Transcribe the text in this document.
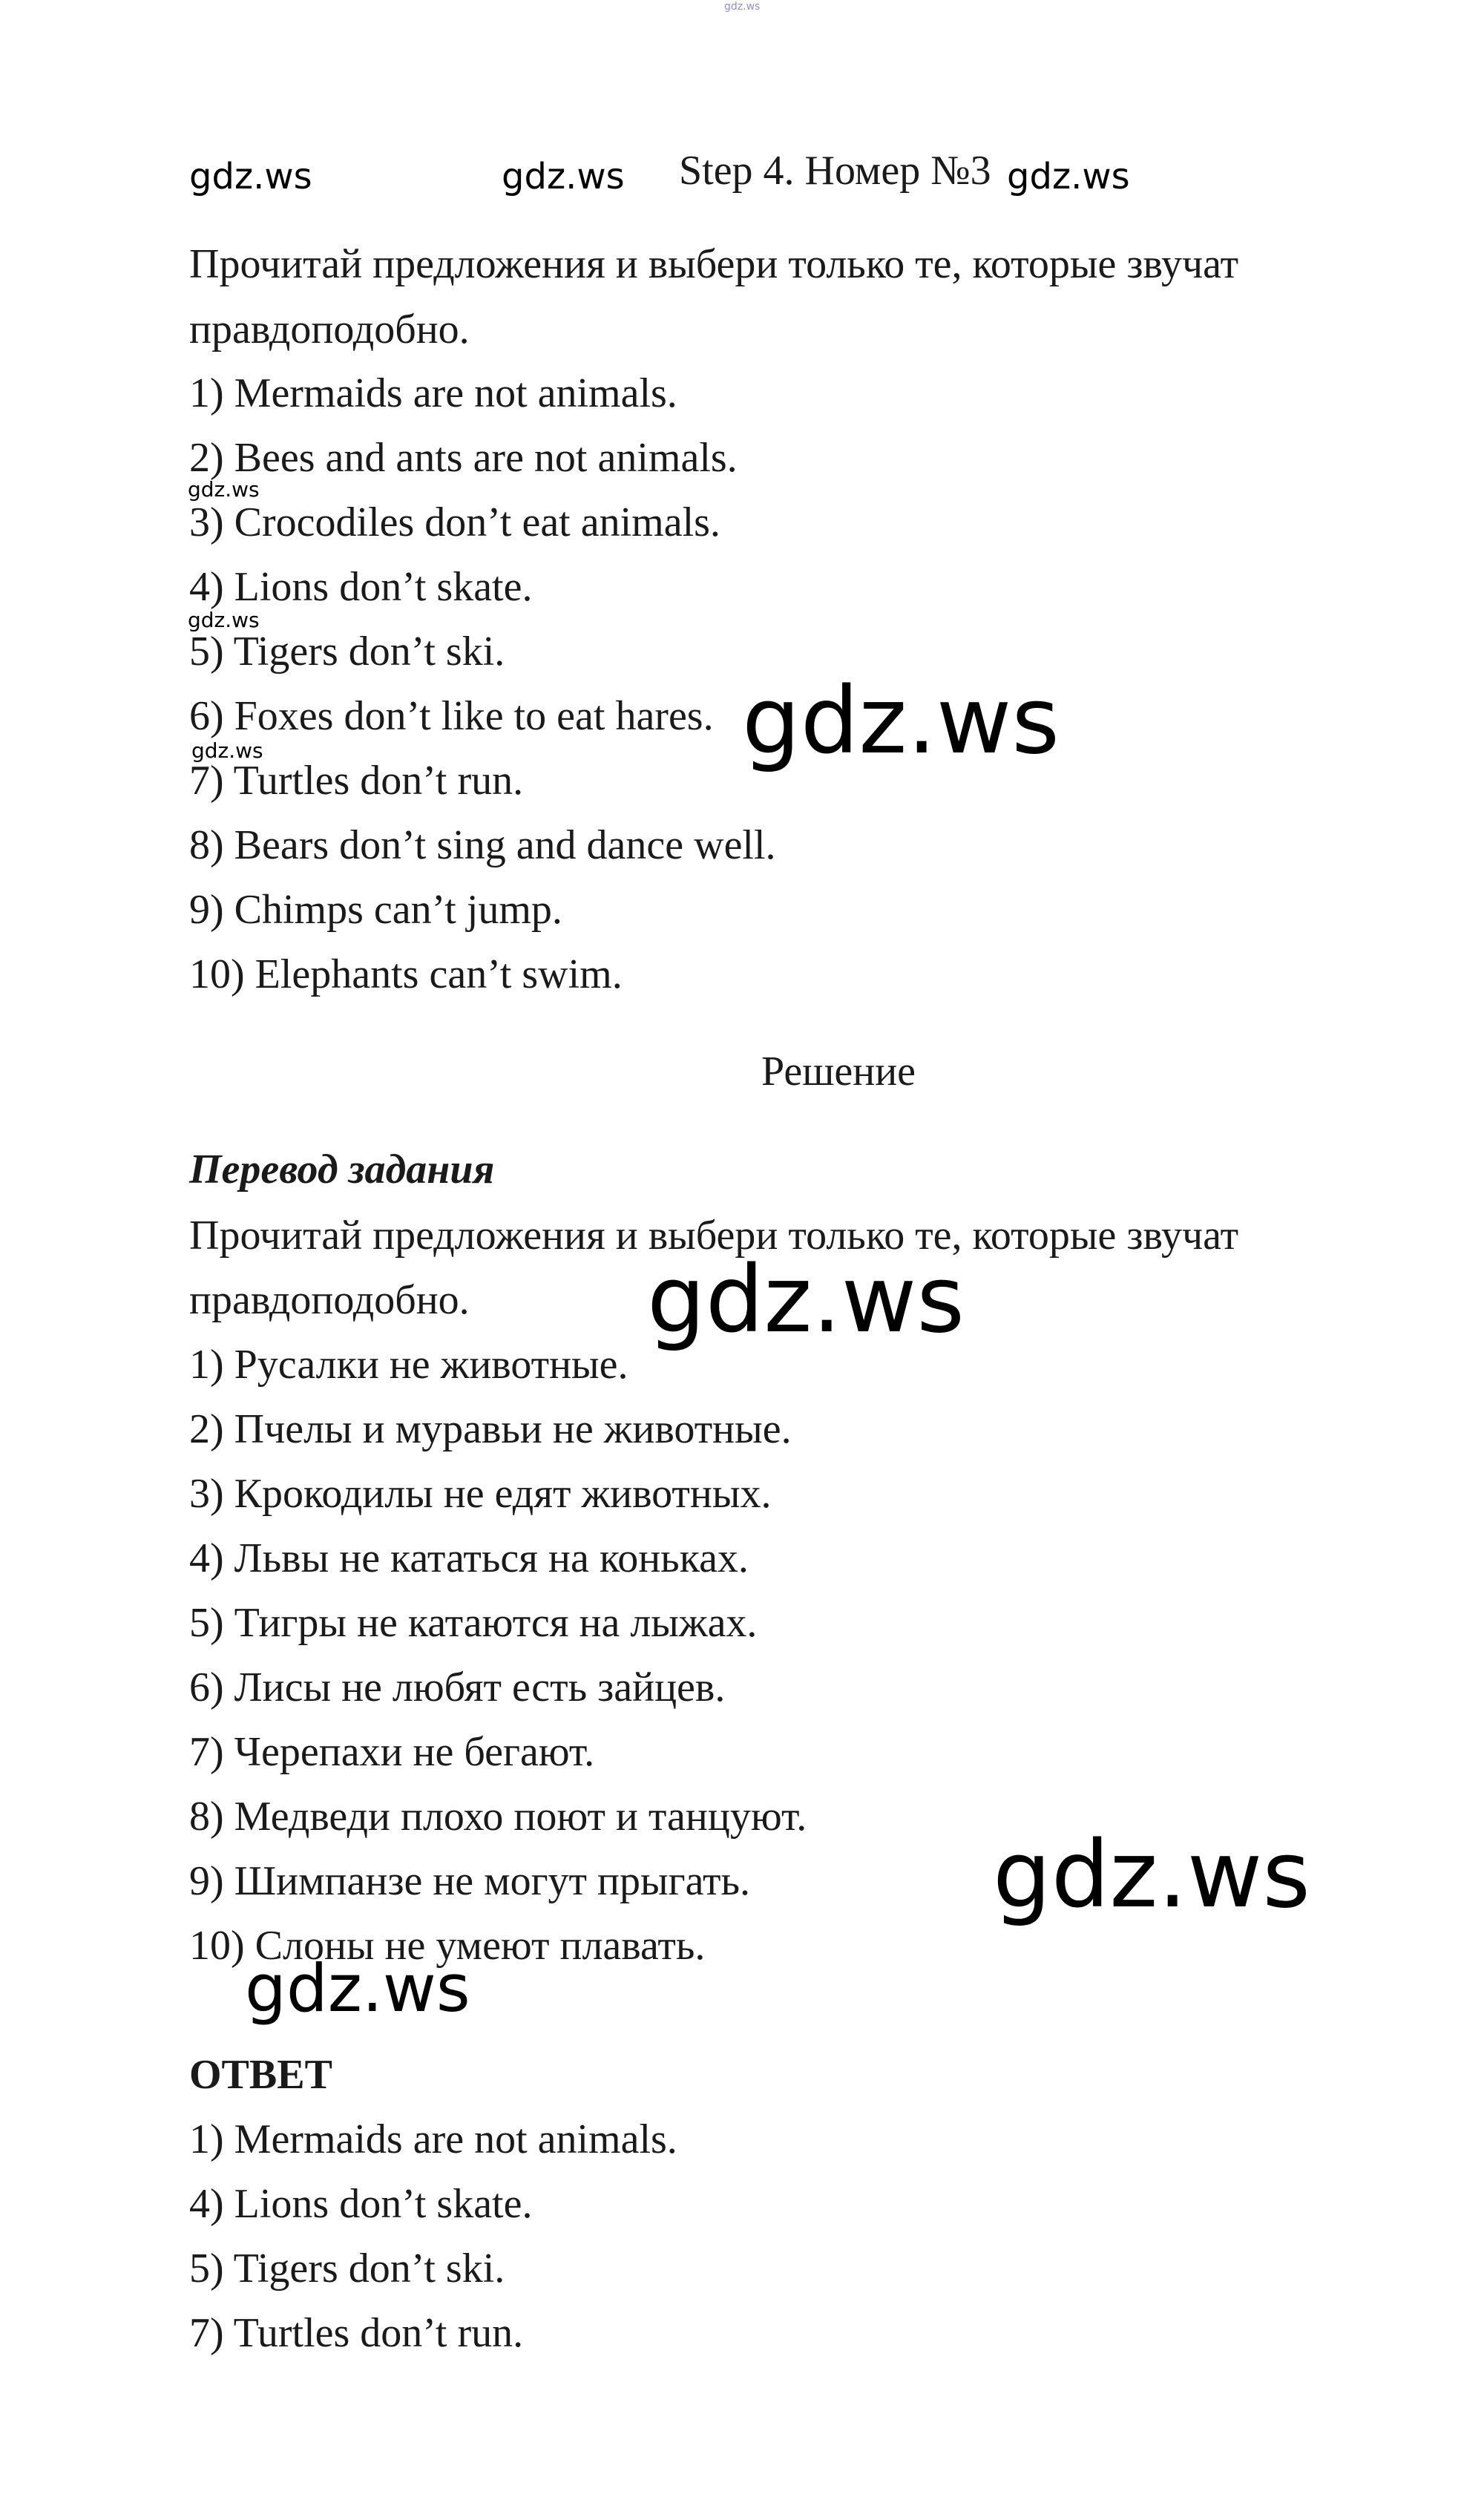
gdz.ws
gdz.ws	gdz.ws	gdz.ws
gdz.ws
gdz.ws
gdz.ws	gdz.ws
gdz.ws
gdz.ws
gdz.ws
Step 4. Номер №3
Прочитай предложения и выбери только те, которые звучат
правдоподобно.
1) Mermaids are not animals.
2) Bees and ants are not animals.
3) Crocodiles don’t eat animals.
4) Lions don’t skate.
5) Tigers don’t ski.
6) Foxes don’t like to eat hares.
7) Turtles don’t run.
8) Bears don’t sing and dance well.
9) Chimps can’t jump.
10) Elephants can’t swim.
Решение
Перевод задания
Прочитай предложения и выбери только те, которые звучат
правдоподобно.
1) Русалки не животные.
2) Пчелы и муравьи не животные.
3) Крокодилы не едят животных.
4) Львы не кататься на коньках.
5) Тигры не катаются на лыжах.
6) Лисы не любят есть зайцев.
7) Черепахи не бегают.
8) Медведи плохо поют и танцуют.
9) Шимпанзе не могут прыгать.
10) Слоны не умеют плавать.
ОТВЕТ
1) Mermaids are not animals.
4) Lions don’t skate.
5) Tigers don’t ski.
7) Turtles don’t run.
